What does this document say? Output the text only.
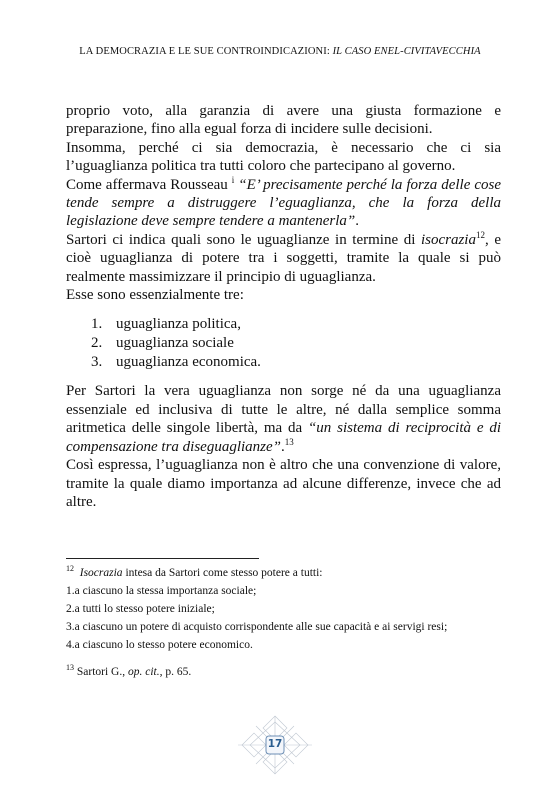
LA DEMOCRAZIA E LE SUE CONTROINDICAZIONI: IL CASO ENEL-CIVITAVECCHIA

proprio voto, alla garanzia di avere una giusta formazione e preparazione, fino alla egual forza di incidere sulle decisioni.

Insomma, perché ci sia democrazia, è necessario che ci sia l’uguaglianza politica tra tutti coloro che partecipano al governo.

Come affermava Rousseau $^i$ “E’ precisamente perché la forza delle cose tende sempre a distruggere l’eguaglianza, che la forza della legislazione deve sempre tendere a mantenerla”.

Sartori ci indica quali sono le uguaglianze in termine di isocrazia$^{12}$, e cioè uguaglianza di potere tra i soggetti, tramite la quale si può realmente massimizzare il principio di uguaglianza.

Esse sono essenzialmente tre:

1. uguaglianza politica,
2. uguaglianza sociale
3. uguaglianza economica.

Per Sartori la vera uguaglianza non sorge né da una uguaglianza essenziale ed inclusiva di tutte le altre, né dalla semplice somma aritmetica delle singole libertà, ma da “un sistema di reciprocità e di compensazione tra diseguaglianze”.$^{13}$

Così espressa, l’uguaglianza non è altro che una convenzione di valore, tramite la quale diamo importanza ad alcune differenze, invece che ad altre.

$^{12}$ Isocrazia intesa da Sartori come stesso potere a tutti:

1.a ciascuno la stessa importanza sociale;

2.a tutti lo stesso potere iniziale;

3.a ciascuno un potere di acquisto corrispondente alle sue capacità e ai servigi resi;

4.a ciascuno lo stesso potere economico.

$^{13}$ Sartori G., op. cit., p. 65.

17
